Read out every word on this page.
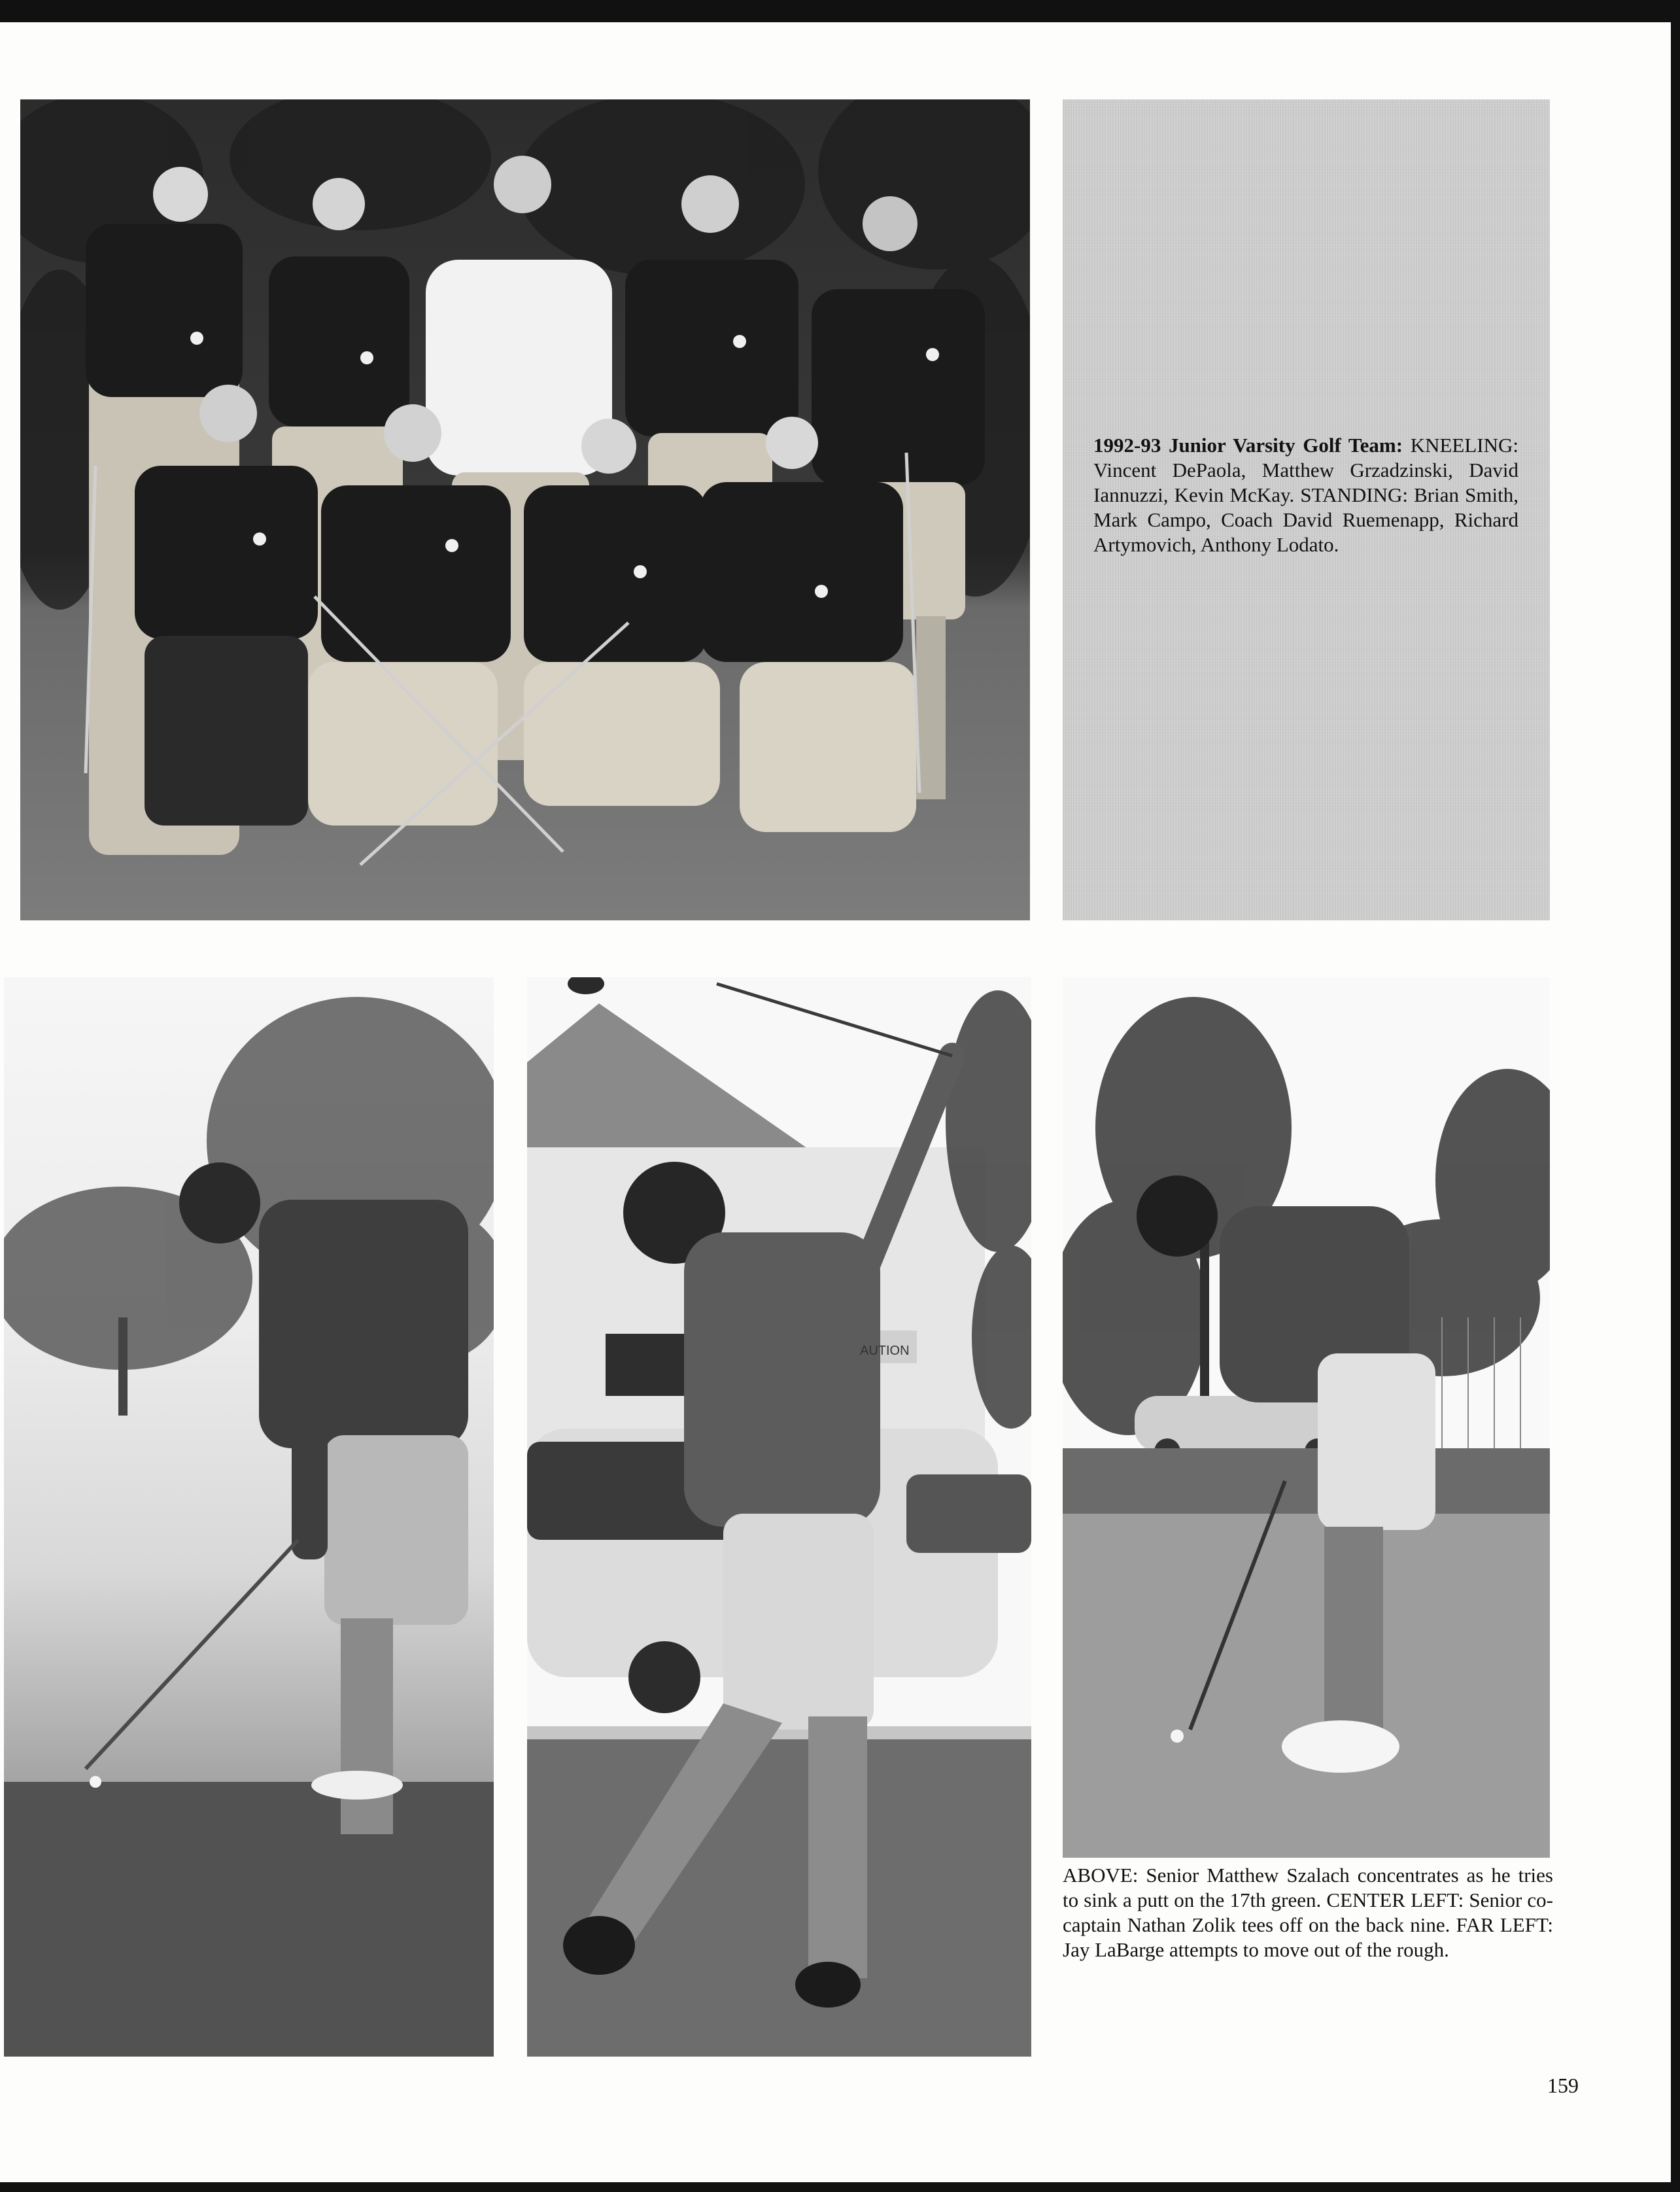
1992-93 Junior Varsity Golf Team: KNEELING: Vincent DePaola, Matthew Grzadzinski, David Iannuzzi, Kevin McKay. STANDING: Brian Smith, Mark Campo, Coach David Ruemenapp, Richard Artymovich, Anthony Lodato.
AUTION
ABOVE: Senior Matthew Szalach concentrates as he tries to sink a putt on the 17th green. CENTER LEFT: Senior co-captain Nathan Zolik tees off on the back nine. FAR LEFT: Jay LaBarge attempts to move out of the rough.
159
